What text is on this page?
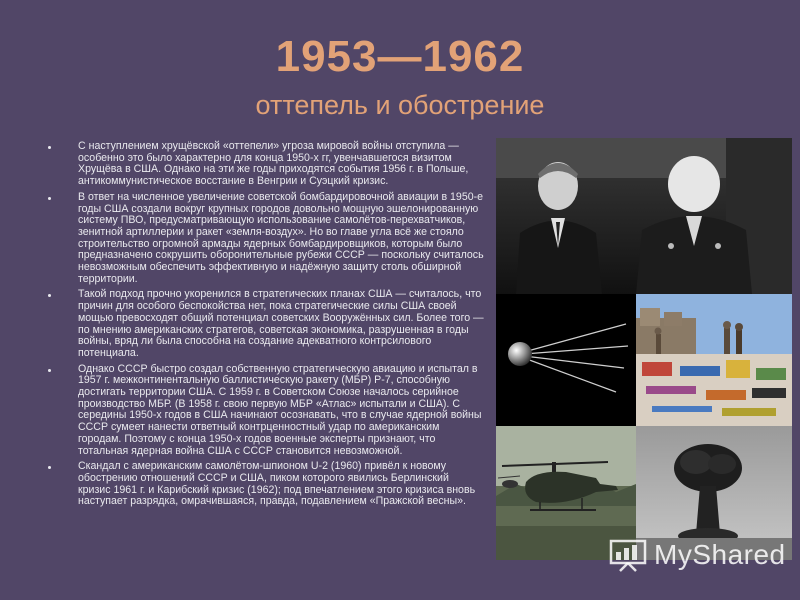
1953—1962
оттепель и обострение
С наступлением хрущёвской «оттепели» угроза мировой войны отступила — особенно это было характерно для конца 1950-х гг, увенчавшегося визитом Хрущёва в США. Однако на эти же годы приходятся события 1956 г. в Польше, антикоммунистическое восстание в Венгрии и Суэцкий кризис.
В ответ на численное увеличение советской бомбардировочной авиации в 1950-е годы США создали вокруг крупных городов довольно мощную эшелонированную систему ПВО, предусматривающую использование самолётов-перехватчиков, зенитной артиллерии и ракет «земля-воздух». Но во главе угла всё же стояло строительство огромной армады ядерных бомбардировщиков, которым было предназначено сокрушить оборонительные рубежи СССР — поскольку считалось невозможным обеспечить эффективную и надёжную защиту столь обширной территории.
Такой подход прочно укоренился в стратегических планах США — считалось, что причин для особого беспокойства нет, пока стратегические силы США своей мощью превосходят общий потенциал советских Вооружённых сил. Более того — по мнению американских стратегов, советская экономика, разрушенная в годы войны, вряд ли была способна на создание адекватного контрсилового потенциала.
Однако СССР быстро создал собственную стратегическую авиацию и испытал в 1957 г. межконтинентальную баллистическую ракету (МБР) Р-7, способную достигать территории США. С 1959 г. в Советском Союзе началось серийное производство МБР. (В 1958 г. свою первую МБР «Атлас» испытали и США). С середины 1950-х годов в США начинают осознавать, что в случае ядерной войны СССР сумеет нанести ответный контрценностный удар по американским городам. Поэтому с конца 1950-х годов военные эксперты признают, что тотальная ядерная война США с СССР становится невозможной.
Скандал с американским самолётом-шпионом U-2 (1960) привёл к новому обострению отношений СССР и США, пиком которого явились Берлинский кризис 1961 г. и Карибский кризис (1962); под впечатлением этого кризиса вновь наступает разрядка, омрачившаяся, правда, подавлением «Пражской весны».
MyShared
